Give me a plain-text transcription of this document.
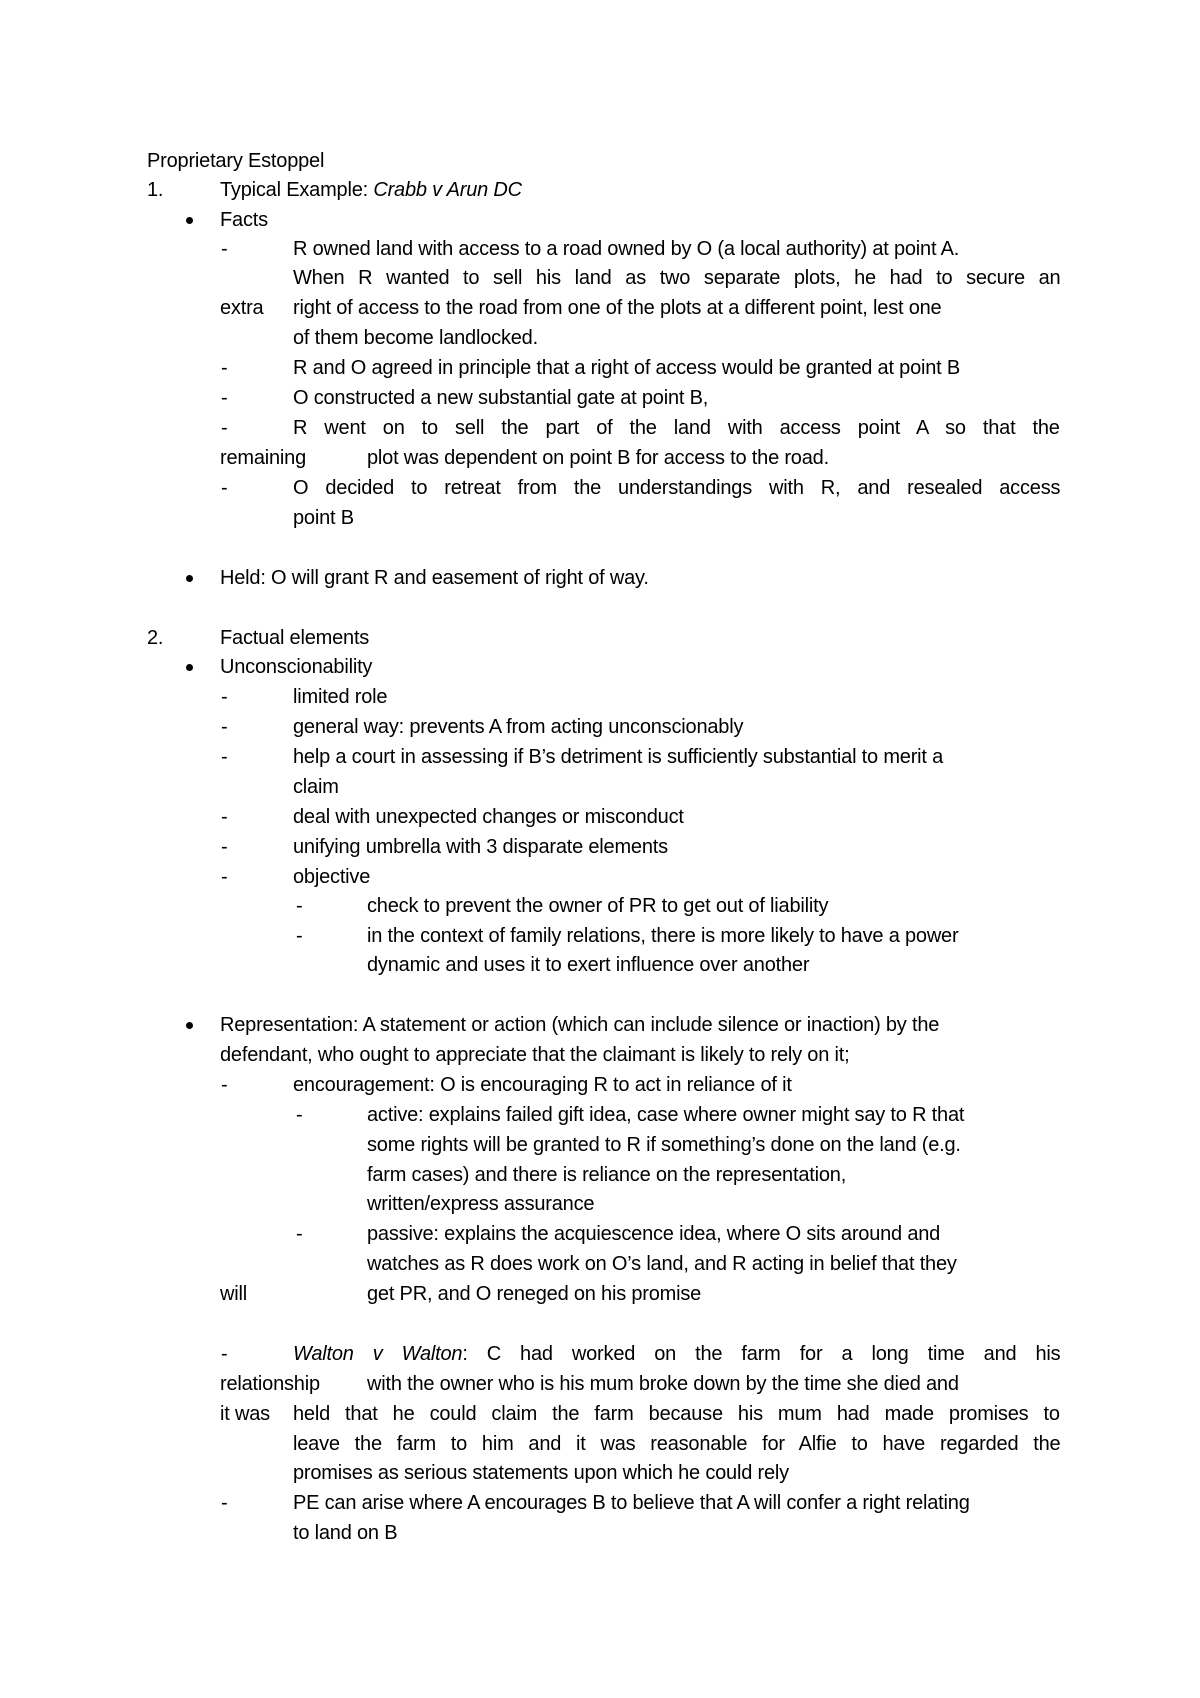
Proprietary Estoppel
1.	Typical Example: Crabb v Arun DC
Facts
-	R owned land with access to a road owned by O (a local authority) at point A.
When R wanted to sell his land as two separate plots, he had to secure an
extra right of access to the road from one of the plots at a different point, lest one
of them become landlocked.
-	R and O agreed in principle that a right of access would be granted at point B
-	O constructed a new substantial gate at point B,
-	R went on to sell the part of the land with access point A so that the
remaining	plot was dependent on point B for access to the road.
-	O decided to retreat from the understandings with R, and resealed access
point B
Held: O will grant R and easement of right of way.
2.	Factual elements
Unconscionability
-	limited role
-	general way: prevents A from acting unconscionably
-	help a court in assessing if B’s detriment is sufficiently substantial to merit a
claim
-	deal with unexpected changes or misconduct
-	unifying umbrella with 3 disparate elements
-	objective
-	check to prevent the owner of PR to get out of liability
-	in the context of family relations, there is more likely to have a power
dynamic and uses it to exert influence over another
Representation: A statement or action (which can include silence or inaction) by the
defendant, who ought to appreciate that the claimant is likely to rely on it;
-	encouragement: O is encouraging R to act in reliance of it
-	active: explains failed gift idea, case where owner might say to R that
some rights will be granted to R if something’s done on the land (e.g.
farm cases) and there is reliance on the representation,
written/express assurance
-	passive: explains the acquiescence idea, where O sits around and
watches as R does work on O’s land, and R acting in belief that they
will	get PR, and O reneged on his promise
-	Walton v Walton: C had worked on the farm for a long time and his
relationship with the owner who is his mum broke down by the time she died and
it was held that he could claim the farm because his mum had made promises to
leave the farm to him and it was reasonable for Alfie to have regarded the
promises as serious statements upon which he could rely
-	PE can arise where A encourages B to believe that A will confer a right relating
to land on B
